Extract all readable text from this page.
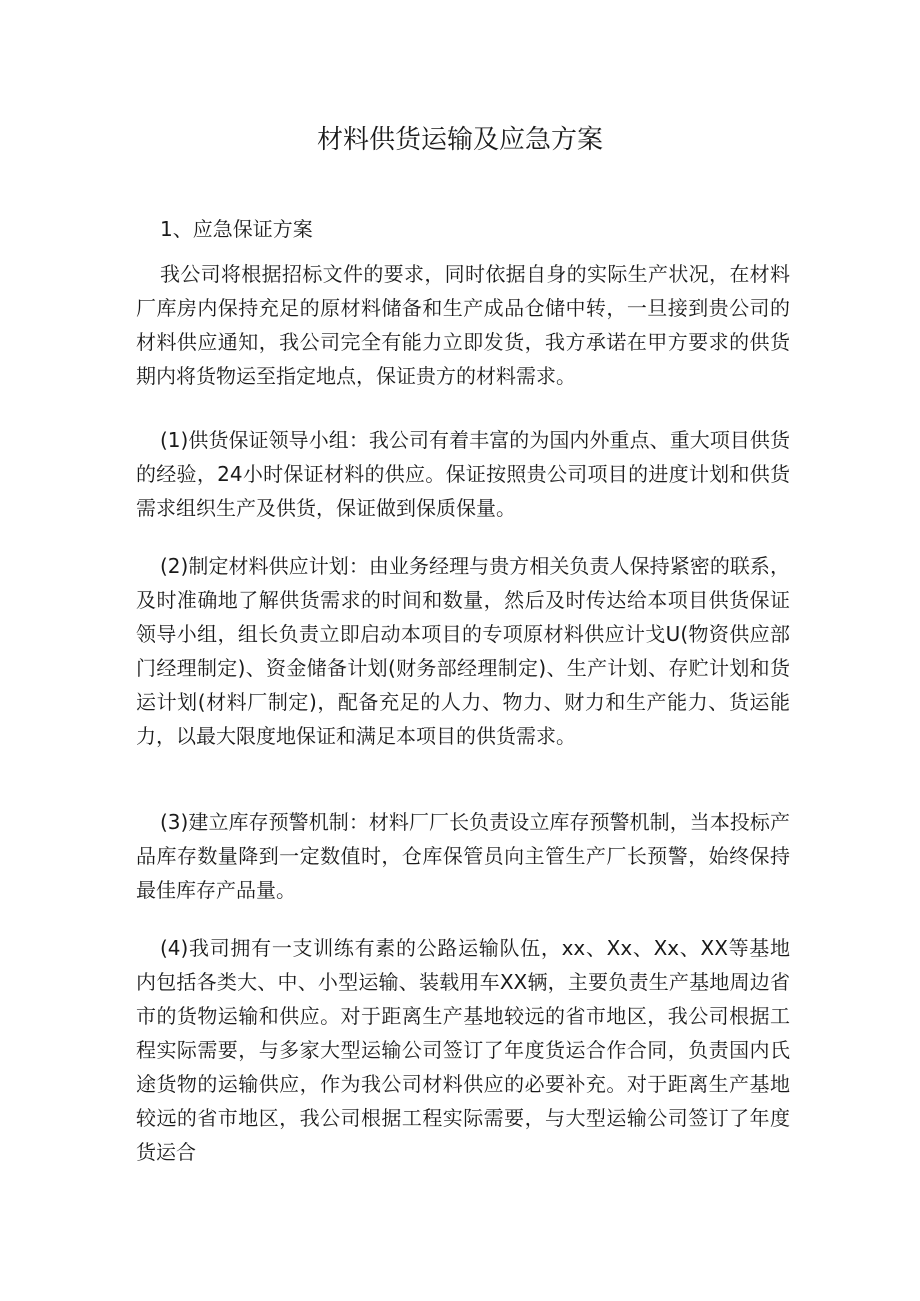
材料供货运输及应急方案
1、应急保证方案

我公司将根据招标文件的要求，同时依据自身的实际生产状况，在材料厂库房内保持充足的原材料储备和生产成品仓储中转，一旦接到贵公司的材料供应通知，我公司完全有能力立即发货，我方承诺在甲方要求的供货期内将货物运至指定地点，保证贵方的材料需求。

(1)供货保证领导小组：我公司有着丰富的为国内外重点、重大项目供货的经验，24小时保证材料的供应。保证按照贵公司项目的进度计划和供货需求组织生产及供货，保证做到保质保量。

(2)制定材料供应计划：由业务经理与贵方相关负责人保持紧密的联系，及时准确地了解供货需求的时间和数量，然后及时传达给本项目供货保证领导小组，组长负责立即启动本项目的专项原材料供应计戈U(物资供应部门经理制定)、资金储备计划(财务部经理制定)、生产计划、存贮计划和货运计划(材料厂制定)，配备充足的人力、物力、财力和生产能力、货运能力，以最大限度地保证和满足本项目的供货需求。

(3)建立库存预警机制：材料厂厂长负责设立库存预警机制，当本投标产品库存数量降到一定数值时，仓库保管员向主管生产厂长预警，始终保持最佳库存产品量。

(4)我司拥有一支训练有素的公路运输队伍，xx、Xx、Xx、XX等基地内包括各类大、中、小型运输、装载用车XX辆，主要负责生产基地周边省市的货物运输和供应。对于距离生产基地较远的省市地区，我公司根据工程实际需要，与多家大型运输公司签订了年度货运合作合同，负责国内氏途货物的运输供应，作为我公司材料供应的必要补充。对于距离生产基地较远的省市地区，我公司根据工程实际需要，与大型运输公司签订了年度货运合
